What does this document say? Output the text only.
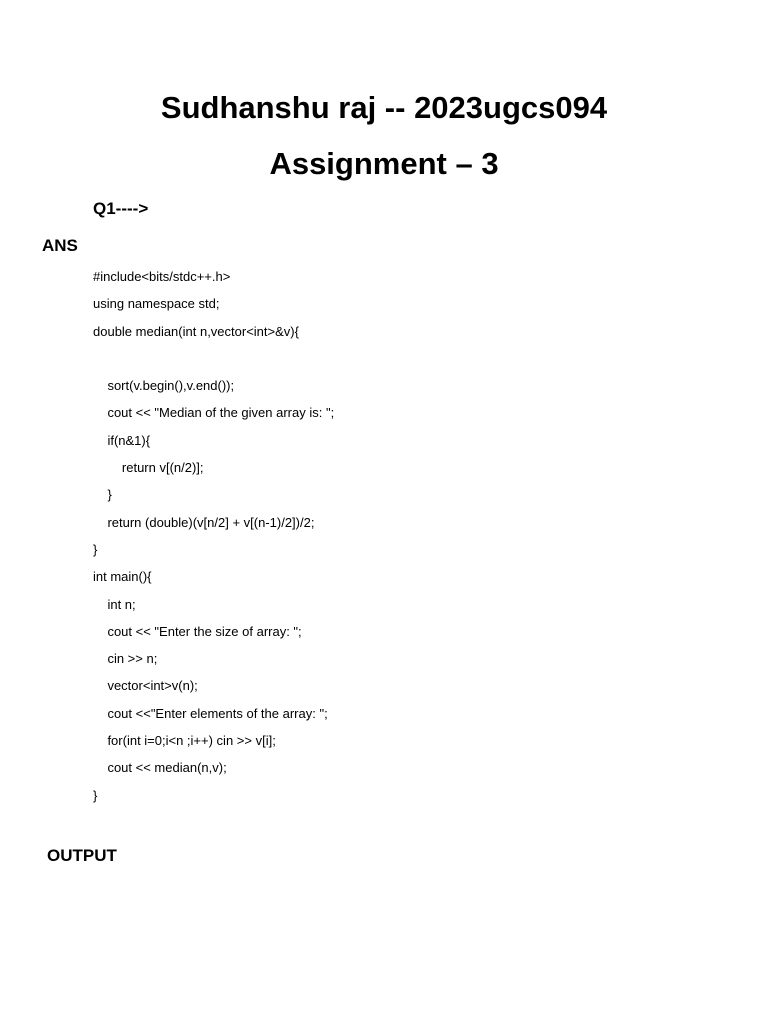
Sudhanshu raj -- 2023ugcs094
Assignment – 3
Q1---->
ANS
#include<bits/stdc++.h>
using namespace std;
double median(int n,vector<int>&v){
sort(v.begin(),v.end());
cout << "Median of the given array is: ";
if(n&1){
return v[(n/2)];
}
return (double)(v[n/2] + v[(n-1)/2])/2;
}
int main(){
int n;
cout << "Enter the size of array: ";
cin >> n;
vector<int>v(n);
cout <<"Enter elements of the array: ";
for(int i=0;i<n ;i++) cin >> v[i];
cout << median(n,v);
}
OUTPUT
